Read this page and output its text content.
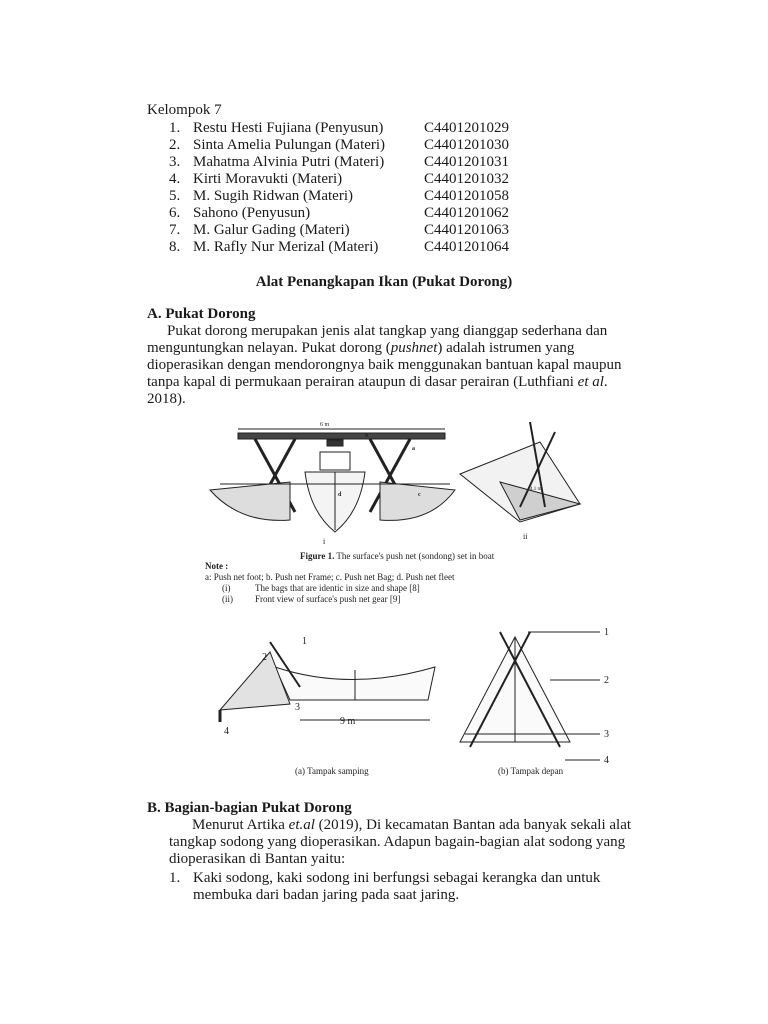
Kelompok 7
1. Restu Hesti Fujiana (Penyusun)	C4401201029
2. Sinta Amelia Pulungan (Materi)	C4401201030
3. Mahatma Alvinia Putri (Materi)	C4401201031
4. Kirti Moravukti (Materi)	C4401201032
5. M. Sugih Ridwan (Materi)	C4401201058
6. Sahono (Penyusun)	C4401201062
7. M. Galur Gading (Materi)	C4401201063
8. M. Rafly Nur Merizal (Materi)	C4401201064
Alat Penangkapan Ikan (Pukat Dorong)
A. Pukat Dorong
Pukat dorong merupakan jenis alat tangkap yang dianggap sederhana dan
menguntungkan nelayan. Pukat dorong (pushnet) adalah istrumen yang
dioperasikan dengan mendorongnya baik menggunakan bantuan kapal maupun
tanpa kapal di permukaan perairan ataupun di dasar perairan (Luthfiani et al.
2018).
6 m
a
b
c
d
i
ii
4.1 m
Figure 1. The surface's push net (sondong) set in boat
Note :
a: Push net foot; b. Push net Frame; c. Push net Bag; d. Push net fleet
(i)	The bags that are identic in size and shape [8]
(ii) Front view of surface's push net gear [9]
1
2
3
4
9 m
1
2
3
4
(a) Tampak samping	(b) Tampak depan
B. Bagian-bagian Pukat Dorong
Menurut Artika et.al (2019), Di kecamatan Bantan ada banyak sekali alat
tangkap sodong yang dioperasikan. Adapun bagain-bagian alat sodong yang
dioperasikan di Bantan yaitu:
1. Kaki sodong, kaki sodong ini berfungsi sebagai kerangka dan untuk
membuka dari badan jaring pada saat jaring.
